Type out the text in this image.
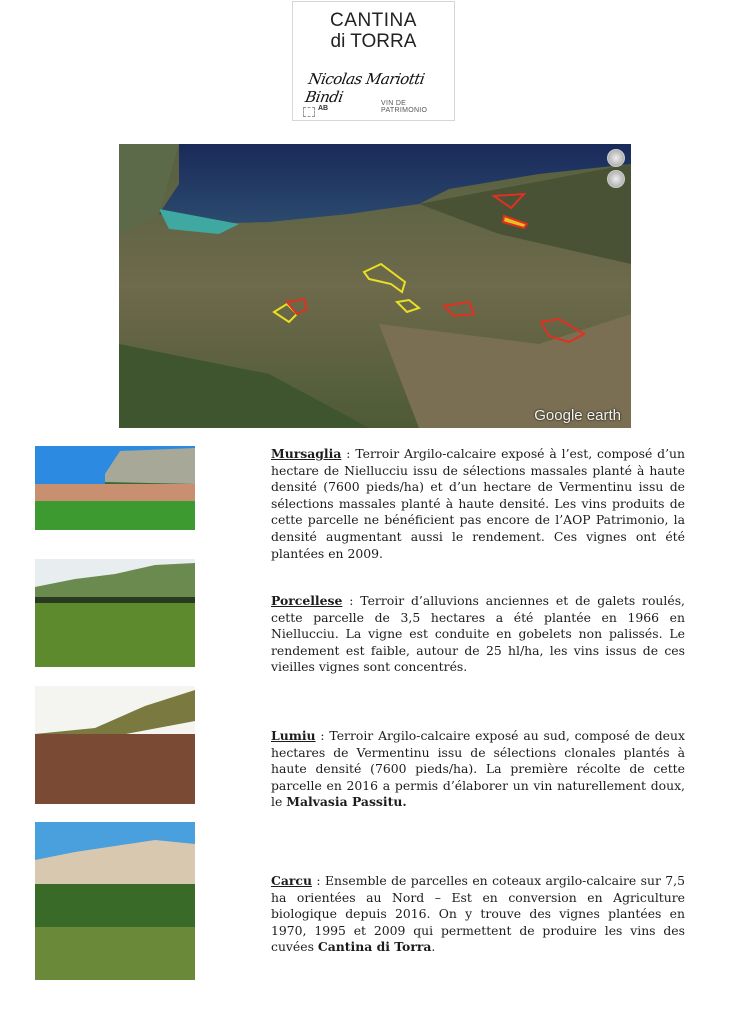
CANTINA
di TORRA
Nicolas Mariotti Bindi	VIN DE PATRIMONIO
AB
Google earth
Mursaglia : Terroir Argilo-calcaire exposé à l’est, composé d’un hectare de Niellucciu issu de sélections massales planté à haute densité (7600 pieds/ha) et d’un hectare de Vermentinu issu de sélections massales planté à haute densité. Les vins produits de cette parcelle ne bénéficient pas encore de l’AOP Patrimonio, la densité augmentant aussi le rendement. Ces vignes ont été plantées en 2009.
Porcellese : Terroir d’alluvions anciennes et de galets roulés, cette parcelle de 3,5 hectares a été plantée en 1966 en Niellucciu. La vigne est conduite en gobelets non palissés. Le rendement est faible, autour de 25 hl/ha, les vins issus de ces vieilles vignes sont concentrés.
Lumiu : Terroir Argilo-calcaire exposé au sud, composé de deux hectares de Vermentinu issu de sélections clonales plantés à haute densité (7600 pieds/ha). La première récolte de cette parcelle en 2016 a permis d’élaborer un vin naturellement doux, le Malvasia Passitu.
Carcu : Ensemble de parcelles en coteaux argilo-calcaire sur 7,5 ha orientées au Nord – Est en conversion en Agriculture biologique depuis 2016. On y trouve des vignes plantées en 1970, 1995 et 2009 qui permettent de produire les vins des cuvées Cantina di Torra.
